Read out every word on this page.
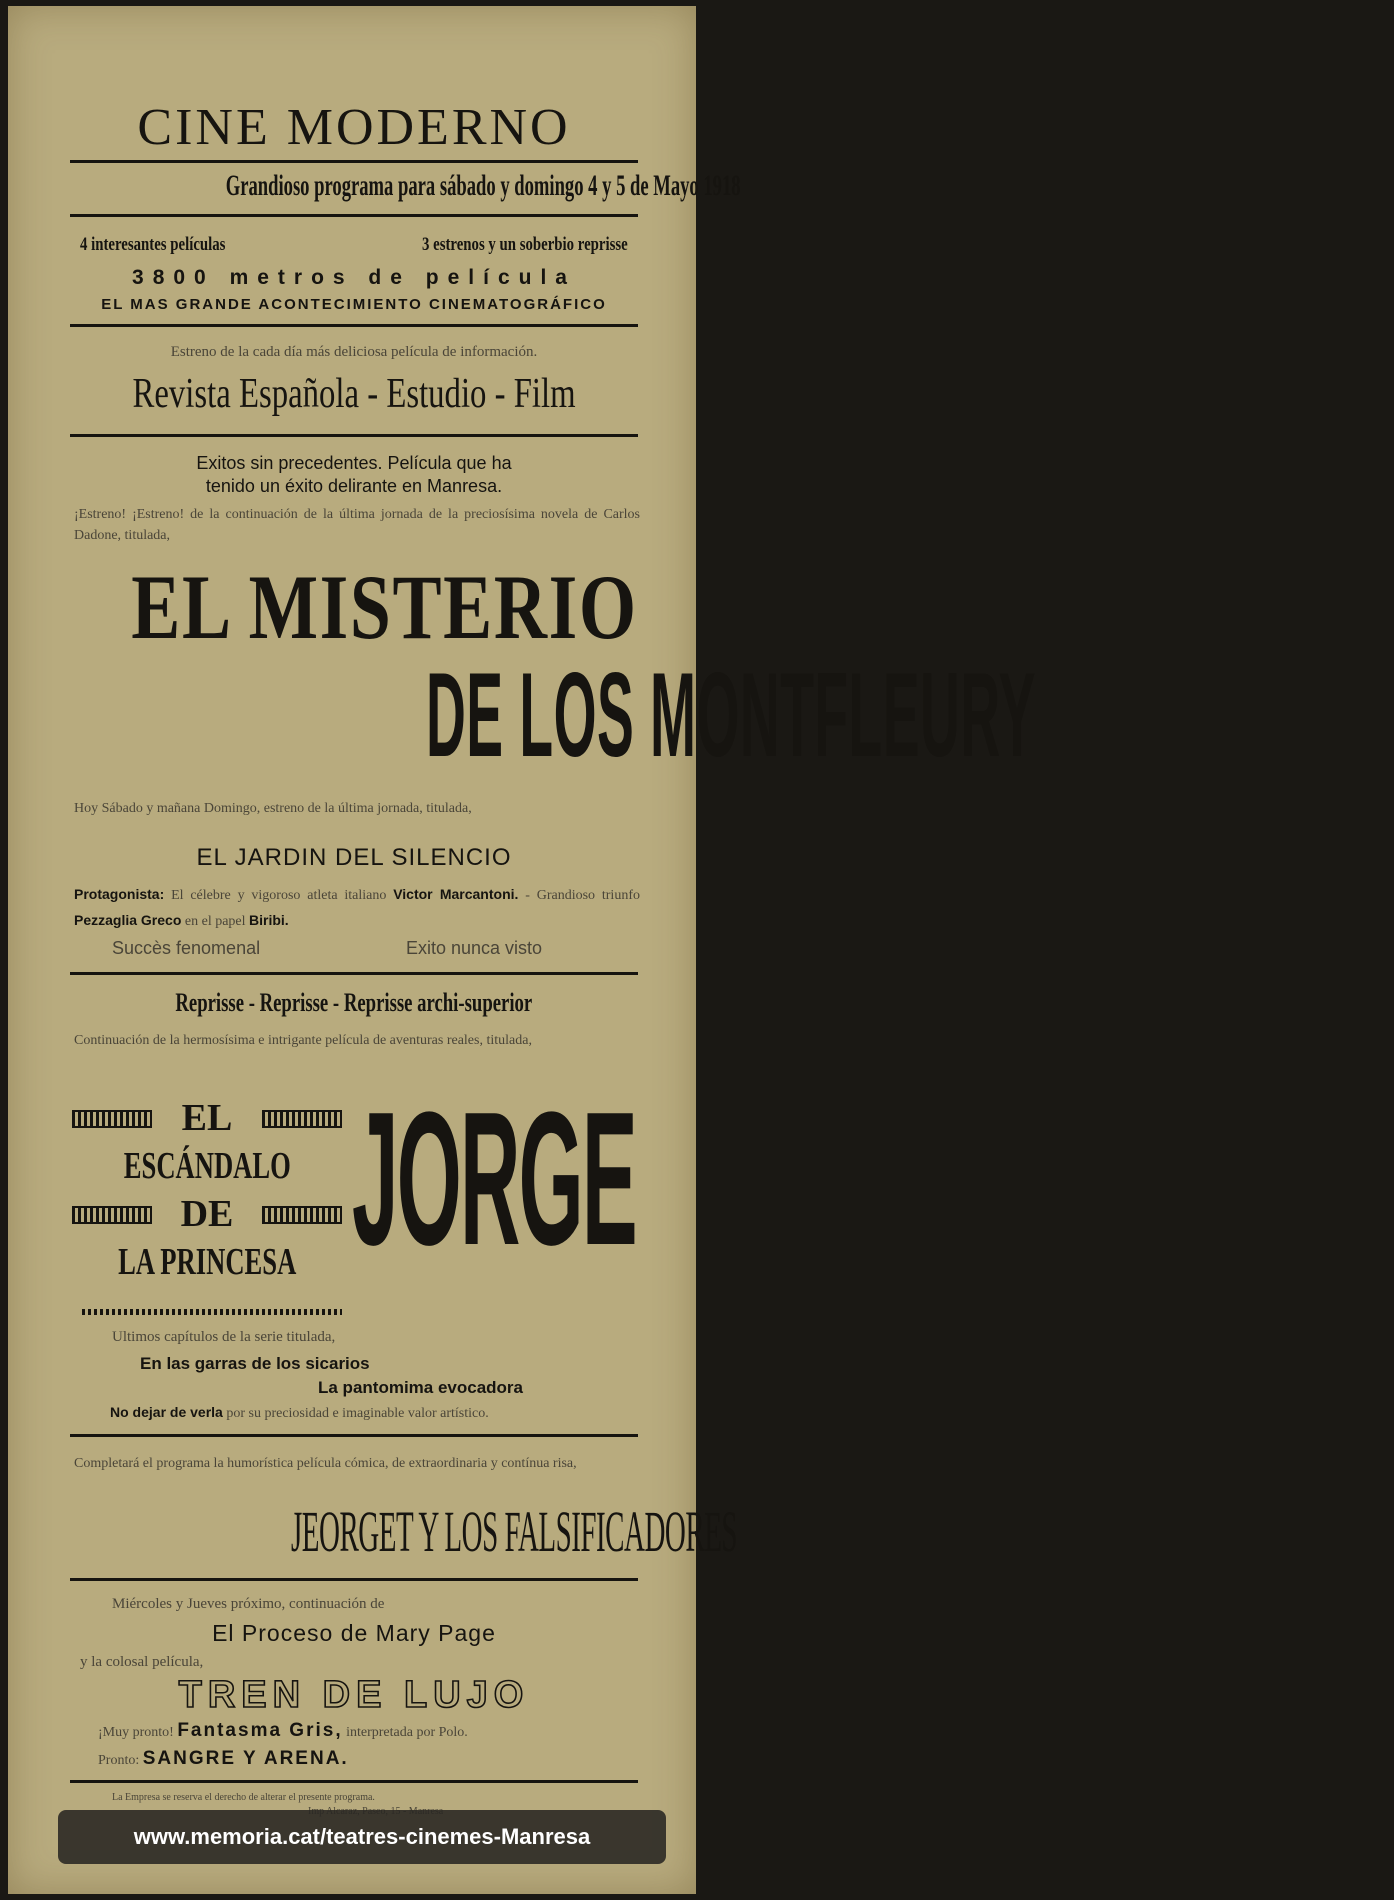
CINE MODERNO
Grandioso programa para sábado y domingo 4 y 5 de Mayo 1918
4 interesantes películas	3 estrenos y un soberbio reprisse
3800 metros de película
EL MAS GRANDE ACONTECIMIENTO CINEMATOGRÁFICO
Estreno de la cada día más deliciosa película de información.
Revista Española - Estudio - Film
Exitos sin precedentes. Película que ha
tenido un éxito delirante en Manresa.
¡Estreno! ¡Estreno! de la continuación de la última jornada de la preciosísima novela de Carlos Dadone, titulada,
EL MISTERIO
DE LOS MONTFLEURY
Hoy Sábado y mañana Domingo, estreno de la última jornada, titulada,
EL JARDIN DEL SILENCIO
Protagonista: El célebre y vigoroso atleta italiano Victor Marcantoni. - Grandioso triunfo Pezzaglia Greco en el papel Biribi.
Succès fenomenal	Exito nunca visto
Reprisse - Reprisse - Reprisse archi-superior
Continuación de la hermosísima e intrigante película de aventuras reales, titulada,
EL
ESCÁNDALO
DE
LA PRINCESA JORGE
Ultimos capítulos de la serie titulada,
En las garras de los sicarios
La pantomima evocadora
No dejar de verla por su preciosidad e imaginable valor artístico.
Completará el programa la humorística película cómica, de extraordinaria y contínua risa,
JEORGET Y LOS FALSIFICADORES
Miércoles y Jueves próximo, continuación de
El Proceso de Mary Page
y la colosal película,
TREN DE LUJO
¡Muy pronto! Fantasma Gris, interpretada por Polo.
Pronto: SANGRE Y ARENA.
La Empresa se reserva el derecho de alterar el presente programa.
www.memoria.cat/teatres-cinemes-Manresa
